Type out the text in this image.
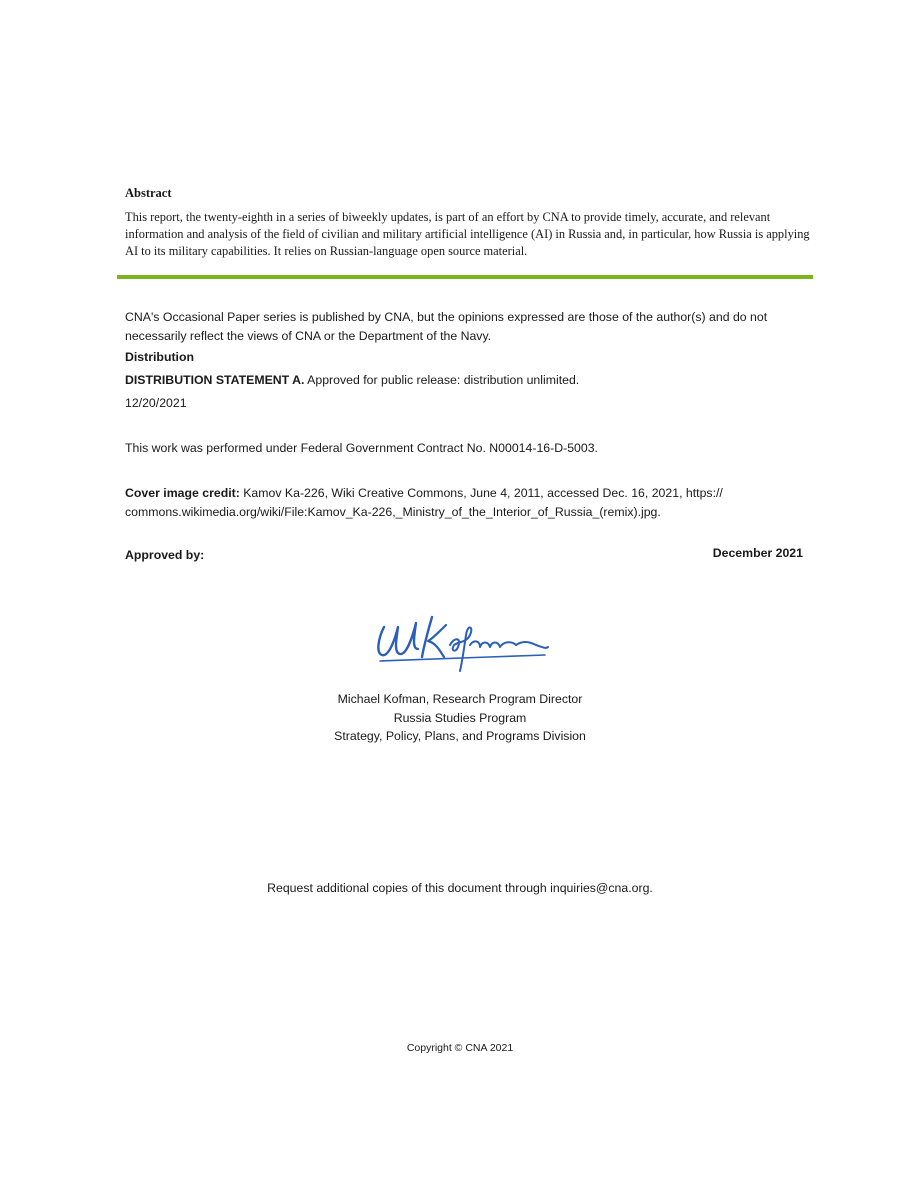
Abstract
This report, the twenty-eighth in a series of biweekly updates, is part of an effort by CNA to provide timely, accurate, and relevant information and analysis of the field of civilian and military artificial intelligence (AI) in Russia and, in particular, how Russia is applying AI to its military capabilities. It relies on Russian-language open source material.
CNA's Occasional Paper series is published by CNA, but the opinions expressed are those of the author(s) and do not necessarily reflect the views of CNA or the Department of the Navy.
Distribution
DISTRIBUTION STATEMENT A. Approved for public release: distribution unlimited.
12/20/2021
This work was performed under Federal Government Contract No. N00014-16-D-5003.
Cover image credit: Kamov Ka-226, Wiki Creative Commons, June 4, 2011, accessed Dec. 16, 2021, https:// commons.wikimedia.org/wiki/File:Kamov_Ka-226,_Ministry_of_the_Interior_of_Russia_(remix).jpg.
Approved by:	December 2021
Michael Kofman, Research Program Director
Russia Studies Program
Strategy, Policy, Plans, and Programs Division
Request additional copies of this document through inquiries@cna.org.
Copyright © CNA 2021
